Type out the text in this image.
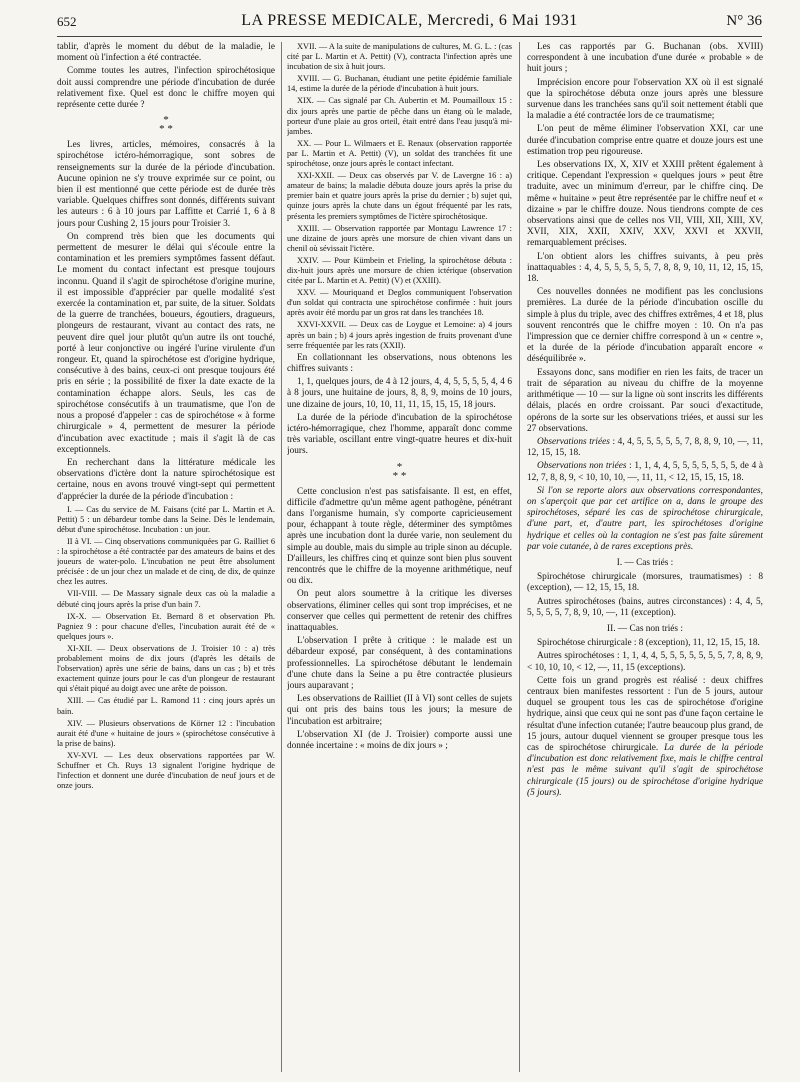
652	LA PRESSE MEDICALE, Mercredi, 6 Mai 1931	N° 36

tablir, d'après le moment du début de la maladie, le moment où l'infection a été contractée.

Comme toutes les autres, l'infection spirochétosique doit aussi comprendre une période d'incubation de durée relativement fixe. Quel est donc le chiffre moyen qui représente cette durée ?

*
* *

Les livres, articles, mémoires, consacrés à la spirochétose ictéro-hémorragique, sont sobres de renseignements sur la durée de la période d'incubation. Aucune opinion ne s'y trouve exprimée sur ce point, ou bien il est mentionné que cette période est de durée très variable. Quelques chiffres sont donnés, différents suivant les auteurs : 6 à 10 jours par Laffitte et Carrié 1, 6 à 8 jours pour Cushing 2, 15 jours pour Troisier 3.

On comprend très bien que les documents qui permettent de mesurer le délai qui s'écoule entre la contamination et les premiers symptômes fassent défaut. Le moment du contact infectant est presque toujours inconnu. Quand il s'agit de spirochétose d'origine murine, il est impossible d'apprécier par quelle modalité s'est exercée la contamination et, par suite, de la situer. Soldats de la guerre de tranchées, boueurs, égoutiers, dragueurs, plongeurs de restaurant, vivant au contact des rats, ne peuvent dire quel jour plutôt qu'un autre ils ont touché, porté à leur conjonctive ou ingéré l'urine virulente d'un rongeur. Et, quand la spirochétose est d'origine hydrique, consécutive à des bains, ceux-ci ont presque toujours été pris en série ; la possibilité de fixer la date exacte de la contamination échappe alors. Seuls, les cas de spirochétose consécutifs à un traumatisme, que l'on de nous a proposé d'appeler : cas de spirochétose « à forme chirurgicale » 4, permettent de mesurer la période d'incubation avec exactitude ; mais il s'agit là de cas exceptionnels.

En recherchant dans la littérature médicale les observations d'ictère dont la nature spirochétosique est certaine, nous en avons trouvé vingt-sept qui permettent d'apprécier la durée de la période d'incubation :

I. — Cas du service de M. Faisans (cité par L. Martin et A. Pettit) 5 : un débardeur tombe dans la Seine. Dès le lendemain, début d'une spirochétose. Incubation : un jour.

II à VI. — Cinq observations communiquées par G. Railliet 6 : la spirochétose a été contractée par des amateurs de bains et des joueurs de water-polo. L'incubation ne peut être absolument précisée : de un jour chez un malade et de cinq, de dix, de quinze chez les autres.

VII-VIII. — De Massary signale deux cas où la maladie a débuté cinq jours après la prise d'un bain 7.

IX-X. — Observation Et. Bernard 8 et observation Ph. Pagniez 9 : pour chacune d'elles, l'incubation aurait été de « quelques jours ».

XI-XII. — Deux observations de J. Troisier 10 : a) très probablement moins de dix jours (d'après les détails de l'observation) après une série de bains, dans un cas ; b) et très exactement quinze jours pour le cas d'un plongeur de restaurant qui s'était piqué au doigt avec une arête de poisson.

XIII. — Cas étudié par L. Ramond 11 : cinq jours après un bain.

XIV. — Plusieurs observations de Körner 12 : l'incubation aurait été d'une « huitaine de jours » (spirochétose consécutive à la prise de bains).

XV-XVI. — Les deux observations rapportées par W. Schuffner et Ch. Ruys 13 signalent l'origine hydrique de l'infection et donnent une durée d'incubation de neuf jours et de onze jours.

XVII. — A la suite de manipulations de cultures, M. G. L. : (cas cité par L. Martin et A. Pettit) (V), contracta l'infection après une incubation de six à huit jours.

XVIII. — G. Buchanan, étudiant une petite épidémie familiale 14, estime la durée de la période d'incubation à huit jours.

XIX. — Cas signalé par Ch. Aubertin et M. Poumailloux 15 : dix jours après une partie de pêche dans un étang où le malade, porteur d'une plaie au gros orteil, était entré dans l'eau jusqu'à mi-jambes.

XX. — Pour L. Wilmaers et E. Renaux (observation rapportée par L. Martin et A. Pettit) (V), un soldat des tranchées fit une spirochétose, onze jours après le contact infectant.

XXI-XXII. — Deux cas observés par V. de Lavergne 16 : a) amateur de bains; la maladie débuta douze jours après la prise du premier bain et quatre jours après la prise du dernier ; b) sujet qui, quinze jours après la chute dans un égout fréquenté par les rats, présenta les premiers symptômes de l'ictère spirochétosique.

XXIII. — Observation rapportée par Montagu Lawrence 17 : une dizaine de jours après une morsure de chien vivant dans un chenil où sévissait l'ictère.

XXIV. — Pour Kümbein et Frieling, la spirochétose débuta : dix-huit jours après une morsure de chien ictérique (observation citée par L. Martin et A. Pettit) (V) et (XXIII).

XXV. — Mouriquand et Deglos communiquent l'observation d'un soldat qui contracta une spirochétose confirmée : huit jours après avoir été mordu par un gros rat dans les tranchées 18.

XXVI-XXVII. — Deux cas de Loygue et Lemoine: a) 4 jours après un bain ; b) 4 jours après ingestion de fruits provenant d'une serre fréquentée par les rats (XXII).

En collationnant les observations, nous obtenons les chiffres suivants :

1, 1, quelques jours, de 4 à 12 jours, 4, 4, 5, 5, 5, 5, 4, 4 6 à 8 jours, une huitaine de jours, 8, 8, 9, moins de 10 jours, une dizaine de jours, 10, 10, 11, 11, 15, 15, 15, 18 jours.

La durée de la période d'incubation de la spirochétose ictéro-hémorragique, chez l'homme, apparaît donc comme très variable, oscillant entre vingt-quatre heures et dix-huit jours.

*
* *

Cette conclusion n'est pas satisfaisante. Il est, en effet, difficile d'admettre qu'un même agent pathogène, pénétrant dans l'organisme humain, s'y comporte capricieusement pour, échappant à toute règle, déterminer des symptômes après une incubation dont la durée varie, non seulement du simple au double, mais du simple au triple sinon au décuple. D'ailleurs, les chiffres cinq et quinze sont bien plus souvent rencontrés que le chiffre de la moyenne arithmétique, neuf ou dix.

On peut alors soumettre à la critique les diverses observations, éliminer celles qui sont trop imprécises, et ne conserver que celles qui permettent de retenir des chiffres inattaquables.

L'observation I prête à critique : le malade est un débardeur exposé, par conséquent, à des contaminations professionnelles. La spirochétose débutant le lendemain d'une chute dans la Seine a pu être contractée plusieurs jours auparavant ;

Les observations de Railliet (II à VI) sont celles de sujets qui ont pris des bains tous les jours; la mesure de l'incubation est arbitraire;

L'observation XI (de J. Troisier) comporte aussi une donnée incertaine : « moins de dix jours » ;

Les cas rapportés par G. Buchanan (obs. XVIII) correspondent à une incubation d'une durée « probable » de huit jours ;

Imprécision encore pour l'observation XX où il est signalé que la spirochétose débuta onze jours après une blessure survenue dans les tranchées sans qu'il soit nettement établi que la maladie a été contractée lors de ce traumatisme;

L'on peut de même éliminer l'observation XXI, car une durée d'incubation comprise entre quatre et douze jours est une estimation trop peu rigoureuse.

Les observations IX, X, XIV et XXIII prêtent également à critique. Cependant l'expression « quelques jours » peut être traduite, avec un minimum d'erreur, par le chiffre cinq. De même « huitaine » peut être représentée par le chiffre neuf et « dizaine » par le chiffre douze. Nous tiendrons compte de ces observations ainsi que de celles nos VII, VIII, XII, XIII, XV, XVII, XIX, XXII, XXIV, XXV, XXVI et XXVII, remarquablement précises.

L'on obtient alors les chiffres suivants, à peu près inattaquables : 4, 4, 5, 5, 5, 5, 5, 7, 8, 8, 9, 10, 11, 12, 15, 15, 18.

Ces nouvelles données ne modifient pas les conclusions premières. La durée de la période d'incubation oscille du simple à plus du triple, avec des chiffres extrêmes, 4 et 18, plus souvent rencontrés que le chiffre moyen : 10. On n'a pas l'impression que ce dernier chiffre correspond à un « centre », et la durée de la période d'incubation apparaît encore « déséquilibrée ».

Essayons donc, sans modifier en rien les faits, de tracer un trait de séparation au niveau du chiffre de la moyenne arithmétique — 10 — sur la ligne où sont inscrits les différents délais, placés en ordre croissant. Par souci d'exactitude, opérons de la sorte sur les observations triées, et aussi sur les 27 observations.

Observations triées : 4, 4, 5, 5, 5, 5, 5, 7, 8, 8, 9, 10, —, 11, 12, 15, 15, 18.

Observations non triées : 1, 1, 4, 4, 5, 5, 5, 5, 5, 5, 5, de 4 à 12, 7, 8, 8, 9, < 10, 10, 10, —, 11, 11, < 12, 15, 15, 15, 18.

Si l'on se reporte alors aux observations correspondantes, on s'aperçoit que par cet artifice on a, dans le groupe des spirochétoses, séparé les cas de spirochétose chirurgicale, d'une part, et, d'autre part, les spirochétoses d'origine hydrique et celles où la contagion ne s'est pas faite sûrement par voie cutanée, à de rares exceptions près.

I. — Cas triés :

Spirochétose chirurgicale (morsures, traumatismes) : 8 (exception), — 12, 15, 15, 18.

Autres spirochétoses (bains, autres circonstances) : 4, 4, 5, 5, 5, 5, 5, 7, 8, 9, 10, —, 11 (exception).

II. — Cas non triés :

Spirochétose chirurgicale : 8 (exception), 11, 12, 15, 15, 18.

Autres spirochétoses : 1, 1, 4, 4, 5, 5, 5, 5, 5, 5, 5, 7, 8, 8, 9, < 10, 10, 10, < 12, —, 11, 15 (exceptions).

Cette fois un grand progrès est réalisé : deux chiffres centraux bien manifestes ressortent : l'un de 5 jours, autour duquel se groupent tous les cas de spirochétose d'origine hydrique, ainsi que ceux qui ne sont pas d'une façon certaine le résultat d'une infection cutanée; l'autre beaucoup plus grand, de 15 jours, autour duquel viennent se grouper presque tous les cas de spirochétose chirurgicale. La durée de la période d'incubation est donc relativement fixe, mais le chiffre central n'est pas le même suivant qu'il s'agit de spirochétose chirurgicale (15 jours) ou de spirochétose d'origine hydrique (5 jours).
